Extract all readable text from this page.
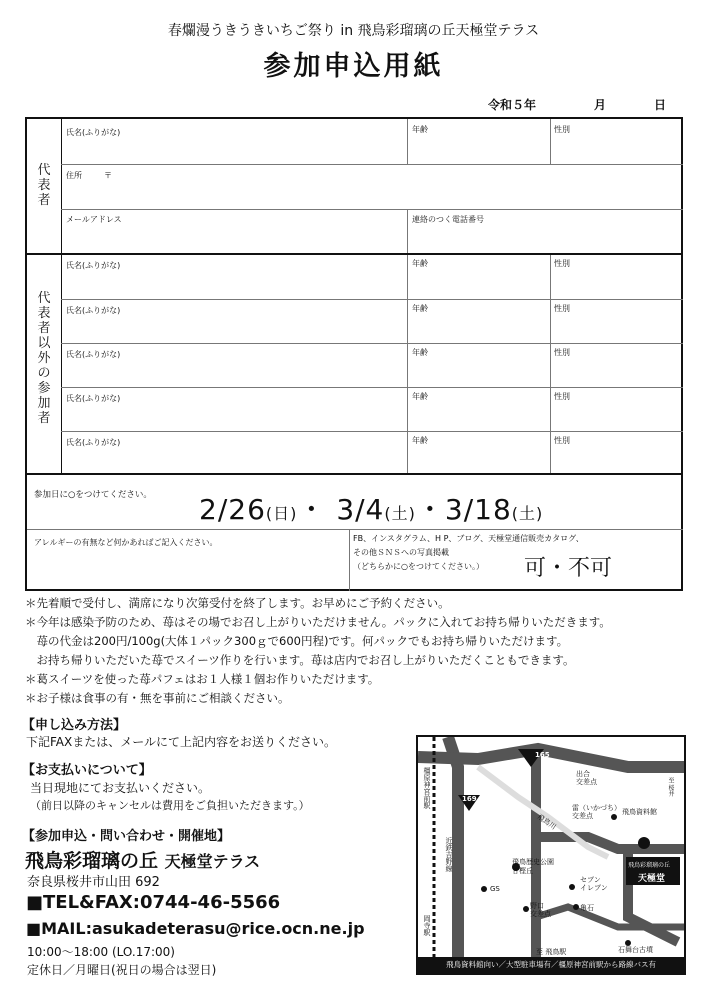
春爛漫うきうきいちご祭り in 飛鳥彩瑠璃の丘天極堂テラス
参加申込用紙
令和５年	月	日
代
表
者
代
表
者
以
外
の
参
加
者
氏名(ふりがな)	年齢	性別
住所	〒
メールアドレス	連絡のつく電話番号
氏名(ふりがな)	年齢	性別
氏名(ふりがな)	年齢	性別
氏名(ふりがな)	年齢	性別
氏名(ふりがな)	年齢	性別
氏名(ふりがな)	年齢	性別
参加日に○をつけてください。 2/26(日)・ 3/4(土)・3/18(土)
アレルギーの有無など何かあればご記入ください。	FB、インスタグラム、H P、ブログ、天極堂通信販売カタログ、
その他ＳＮＳへの写真掲載
（どちらかに○をつけてください。） 可・不可
＊先着順で受付し、満席になり次第受付を終了します。お早めにご予約ください。
＊今年は感染予防のため、苺はその場でお召し上がりいただけません。パックに入れてお持ち帰りいただきます。
　苺の代金は200円/100g(大体１パック300ｇで600円程)です。何パックでもお持ち帰りいただけます。
　お持ち帰りいただいた苺でスイーツ作りを行います。苺は店内でお召し上がりいただくこともできます。
＊葛スイーツを使った苺パフェはお１人様１個お作りいただけます。
＊お子様は食事の有・無を事前にご相談ください。
【申し込み方法】
下記FAXまたは、メールにて上記内容をお送りください。
【お支払いについて】
当日現地にてお支払いください。
（前日以降のキャンセルは費用をご負担いただきます。）
【参加申込・問い合わせ・開催地】
飛鳥彩瑠璃の丘 天極堂テラス
奈良県桜井市山田 692
■TEL&FAX:0744-46-5566
■MAIL:asukadeterasu@rice.ocn.ne.jp
10:00〜18:00 (LO.17:00)
定休日／月曜日(祝日の場合は翌日)
165
169
橿原神宮前駅
近鉄吉野線
岡寺駅
飛鳥川
出合
交差点
雷（いかづち）
交差点	飛鳥資料館
飛鳥歴史公園
甘樫丘
GS
セブン
イレブン
野口
交差点
亀石
石舞台古墳
至 飛鳥駅
至 桜井
飛鳥彩瑠璃の丘
天極堂
飛鳥資料館向い／大型駐車場有／橿原神宮前駅から路線バス有
